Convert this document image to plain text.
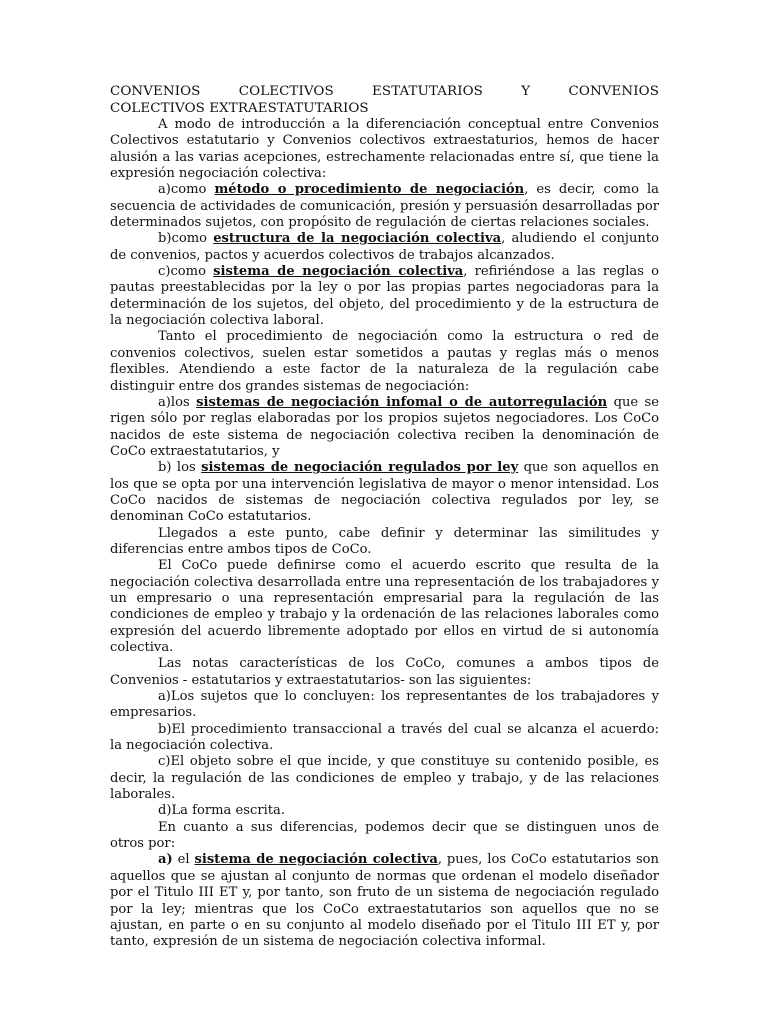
CONVENIOS COLECTIVOS ESTATUTARIOS Y CONVENIOS
COLECTIVOS EXTRAESTATUTARIOS

A modo de introducción a la diferenciación conceptual entre Convenios Colectivos estatutario y Convenios colectivos extraestaturios, hemos de hacer alusión a las varias acepciones, estrechamente relacionadas entre sí, que tiene la expresión negociación colectiva:

a)como método o procedimiento de negociación, es decir, como la secuencia de actividades de comunicación, presión y persuasión desarrolladas por determinados sujetos, con propósito de regulación de ciertas relaciones sociales.

b)como estructura de la negociación colectiva, aludiendo el conjunto de convenios, pactos y acuerdos colectivos de trabajos alcanzados.

c)como sistema de negociación colectiva, refiriéndose a las reglas o pautas preestablecidas por la ley o por las propias partes negociadoras para la determinación de los sujetos, del objeto, del procedimiento y de la estructura de la negociación colectiva laboral.

Tanto el procedimiento de negociación como la estructura o red de convenios colectivos, suelen estar sometidos a pautas y reglas más o menos flexibles. Atendiendo a este factor de la naturaleza de la regulación cabe distinguir entre dos grandes sistemas de negociación:

a)los sistemas de negociación infomal o de autorregulación que se rigen sólo por reglas elaboradas por los propios sujetos negociadores. Los CoCo nacidos de este sistema de negociación colectiva reciben la denominación de CoCo extraestatutarios, y

b) los sistemas de negociación regulados por ley que son aquellos en los que se opta por una intervención legislativa de mayor o menor intensidad. Los CoCo nacidos de sistemas de negociación colectiva regulados por ley, se denominan CoCo estatutarios.

Llegados a este punto, cabe definir y determinar las similitudes y diferencias entre ambos tipos de CoCo.

El CoCo puede definirse como el acuerdo escrito que resulta de la negociación colectiva desarrollada entre una representación de los trabajadores y un empresario o una representación empresarial para la regulación de las condiciones de empleo y trabajo y la ordenación de las relaciones laborales como expresión del acuerdo libremente adoptado por ellos en virtud de si autonomía colectiva.

Las notas características de los CoCo, comunes a ambos tipos de Convenios - estatutarios y extraestatutarios- son las siguientes:

a)Los sujetos que lo concluyen: los representantes de los trabajadores y empresarios.

b)El procedimiento transaccional a través del cual se alcanza el acuerdo: la negociación colectiva.

c)El objeto sobre el que incide, y que constituye su contenido posible, es decir, la regulación de las condiciones de empleo y trabajo, y de las relaciones laborales.

d)La forma escrita.

En cuanto a sus diferencias, podemos decir que se distinguen unos de otros por:

a) el sistema de negociación colectiva, pues, los CoCo estatutarios son aquellos que se ajustan al conjunto de normas que ordenan el modelo diseñador por el Titulo III ET y, por tanto, son fruto de un sistema de negociación regulado por la ley; mientras que los CoCo extraestatutarios son aquellos que no se ajustan, en parte o en su conjunto al modelo diseñado por el Titulo III ET y, por tanto, expresión de un sistema de negociación colectiva informal.
